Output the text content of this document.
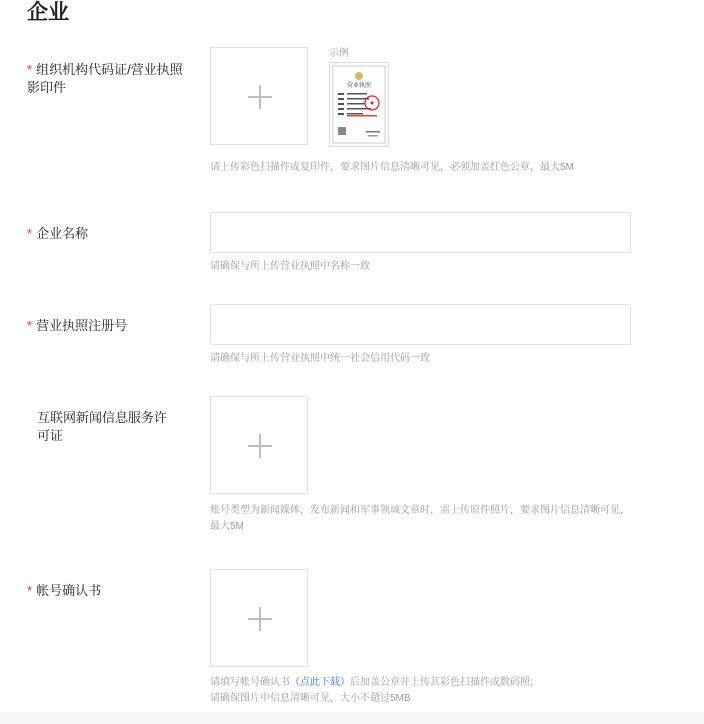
企业
* 组织机构代码证/营业执照影印件
示例
营业执照
请上传彩色扫描件或复印件，要求图片信息清晰可见，必须加盖红色公章，最大5M
* 企业名称
请确保与所上传营业执照中名称一致
* 营业执照注册号
请确保与所上传营业执照中统一社会信用代码一致
互联网新闻信息服务许可证
账号类型为新闻媒体，发布新闻和军事领域文章时，需上传原件照片，要求图片信息清晰可见，最大5M
* 帐号确认书
请填写帐号确认书（点此下载）后加盖公章并上传其彩色扫描件或数码照;
请确保图片中信息清晰可见，大小不超过5MB
